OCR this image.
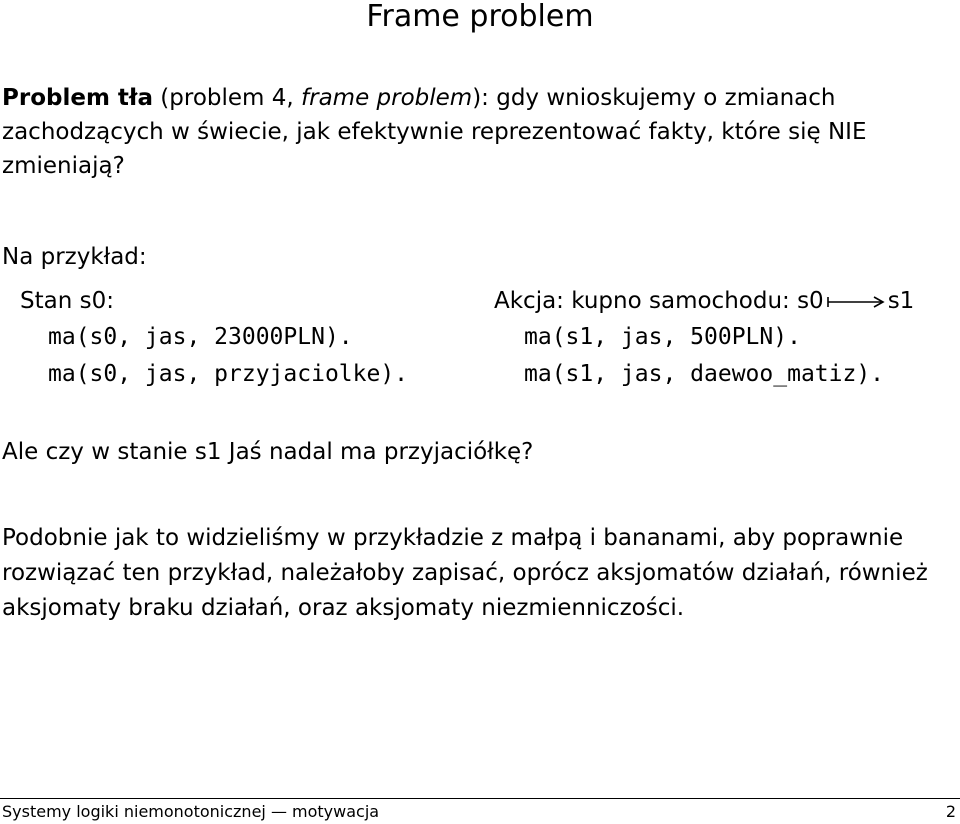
Frame problem
Problem tła (problem 4, frame problem): gdy wnioskujemy o zmianach
zachodzących w świecie, jak efektywnie reprezentować fakty, które się NIE
zmieniają?
Na przykład:
Stan s0:
ma(s0, jas, 23000PLN).
ma(s0, jas, przyjaciolke).
Akcja: kupno samochodu: s0	s1
ma(s1, jas, 500PLN).
ma(s1, jas, daewoo_matiz).
Ale czy w stanie s1 Jaś nadal ma przyjaciółkę?
Podobnie jak to widzieliśmy w przykładzie z małpą i bananami, aby poprawnie
rozwiązać ten przykład, należałoby zapisać, oprócz aksjomatów działań, również
aksjomaty braku działań, oraz aksjomaty niezmienniczości.
Systemy logiki niemonotonicznej — motywacja	2
